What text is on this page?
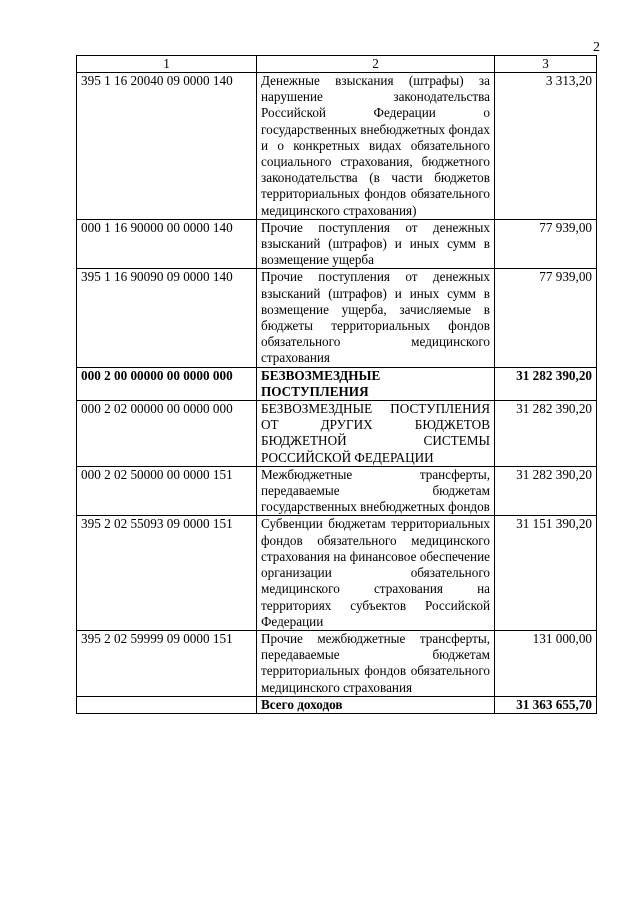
2
1	2	3
395 1 16 20040 09 0000 140	Денежные взыскания (штрафы) за нарушение законодательства Российской Федерации о государственных внебюджетных фондах и о конкретных видах обязательного социального страхования, бюджетного законодательства (в части бюджетов территориальных фондов обязательного медицинского страхования)	3 313,20
000 1 16 90000 00 0000 140	Прочие поступления от денежных взысканий (штрафов) и иных сумм в возмещение ущерба	77 939,00
395 1 16 90090 09 0000 140	Прочие поступления от денежных взысканий (штрафов) и иных сумм в возмещение ущерба, зачисляемые в бюджеты территориальных фондов обязательного медицинского страхования	77 939,00
000 2 00 00000 00 0000 000	БЕЗВОЗМЕЗДНЫЕ ПОСТУПЛЕНИЯ	31 282 390,20
000 2 02 00000 00 0000 000	БЕЗВОЗМЕЗДНЫЕ ПОСТУПЛЕНИЯ ОТ ДРУГИХ БЮДЖЕТОВ БЮДЖЕТНОЙ СИСТЕМЫ РОССИЙСКОЙ ФЕДЕРАЦИИ	31 282 390,20
000 2 02 50000 00 0000 151	Межбюджетные трансферты, передаваемые бюджетам государственных внебюджетных фондов	31 282 390,20
395 2 02 55093 09 0000 151	Субвенции бюджетам территориальных фондов обязательного медицинского страхования на финансовое обеспечение организации обязательного медицинского страхования на территориях субъектов Российской Федерации	31 151 390,20
395 2 02 59999 09 0000 151	Прочие межбюджетные трансферты, передаваемые бюджетам территориальных фондов обязательного медицинского страхования	131 000,00
	Всего доходов	31 363 655,70
